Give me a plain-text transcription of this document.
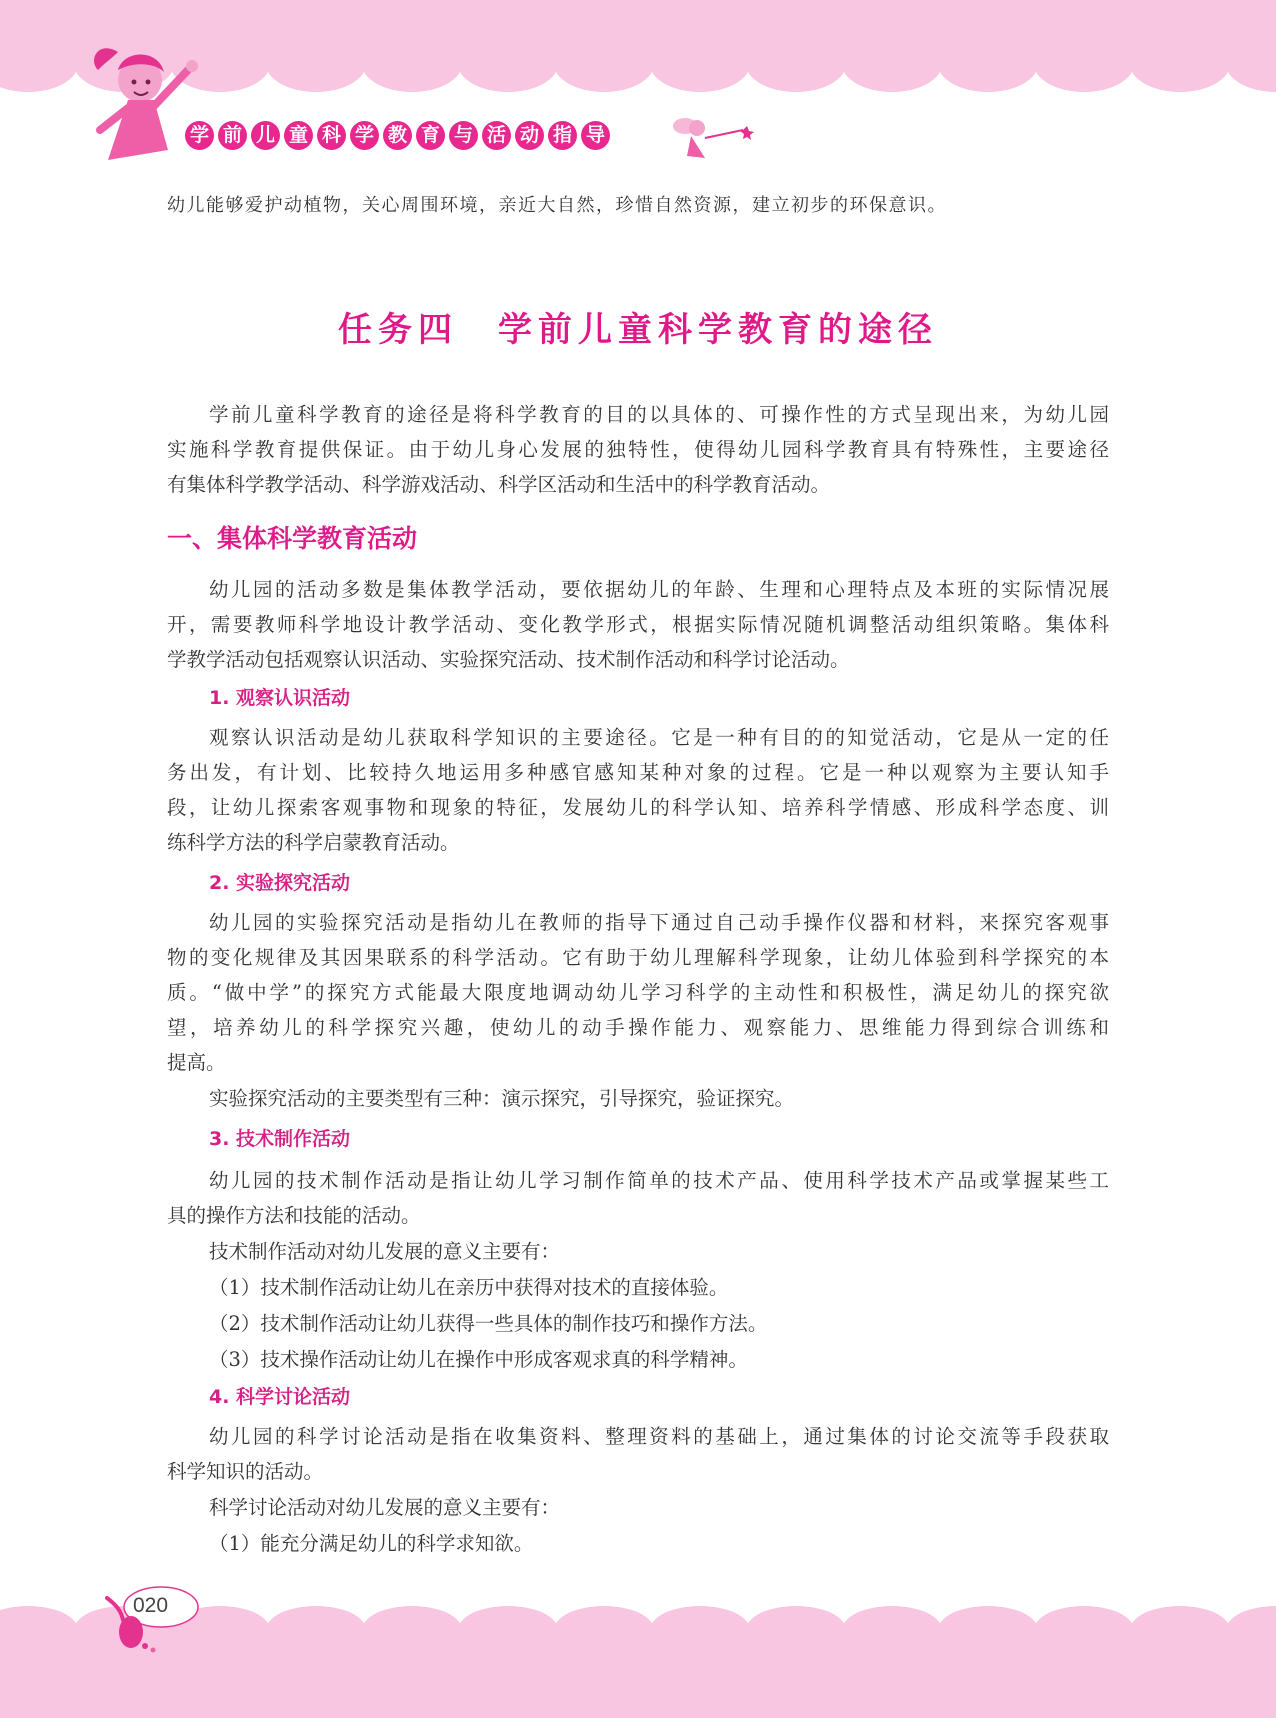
学 前 儿 童 科 学 教 育 与 活 动 指 导
幼儿能够爱护动植物，关心周围环境，亲近大自然，珍惜自然资源，建立初步的环保意识。
任务四　学前儿童科学教育的途径
学前儿童科学教育的途径是将科学教育的目的以具体的、可操作性的方式呈现出来，为幼儿园
实施科学教育提供保证。由于幼儿身心发展的独特性，使得幼儿园科学教育具有特殊性，主要途径
有集体科学教学活动、科学游戏活动、科学区活动和生活中的科学教育活动。
一、集体科学教育活动
幼儿园的活动多数是集体教学活动，要依据幼儿的年龄、生理和心理特点及本班的实际情况展
开，需要教师科学地设计教学活动、变化教学形式，根据实际情况随机调整活动组织策略。集体科
学教学活动包括观察认识活动、实验探究活动、技术制作活动和科学讨论活动。
1. 观察认识活动
观察认识活动是幼儿获取科学知识的主要途径。它是一种有目的的知觉活动，它是从一定的任
务出发，有计划、比较持久地运用多种感官感知某种对象的过程。它是一种以观察为主要认知手
段，让幼儿探索客观事物和现象的特征，发展幼儿的科学认知、培养科学情感、形成科学态度、训
练科学方法的科学启蒙教育活动。
2. 实验探究活动
幼儿园的实验探究活动是指幼儿在教师的指导下通过自己动手操作仪器和材料，来探究客观事
物的变化规律及其因果联系的科学活动。它有助于幼儿理解科学现象，让幼儿体验到科学探究的本
质。“做中学”的探究方式能最大限度地调动幼儿学习科学的主动性和积极性，满足幼儿的探究欲
望，培养幼儿的科学探究兴趣，使幼儿的动手操作能力、观察能力、思维能力得到综合训练和
提高。
实验探究活动的主要类型有三种：演示探究，引导探究，验证探究。
3. 技术制作活动
幼儿园的技术制作活动是指让幼儿学习制作简单的技术产品、使用科学技术产品或掌握某些工
具的操作方法和技能的活动。
技术制作活动对幼儿发展的意义主要有：
（1）技术制作活动让幼儿在亲历中获得对技术的直接体验。
（2）技术制作活动让幼儿获得一些具体的制作技巧和操作方法。
（3）技术操作活动让幼儿在操作中形成客观求真的科学精神。
4. 科学讨论活动
幼儿园的科学讨论活动是指在收集资料、整理资料的基础上，通过集体的讨论交流等手段获取
科学知识的活动。
科学讨论活动对幼儿发展的意义主要有：
（1）能充分满足幼儿的科学求知欲。
020
